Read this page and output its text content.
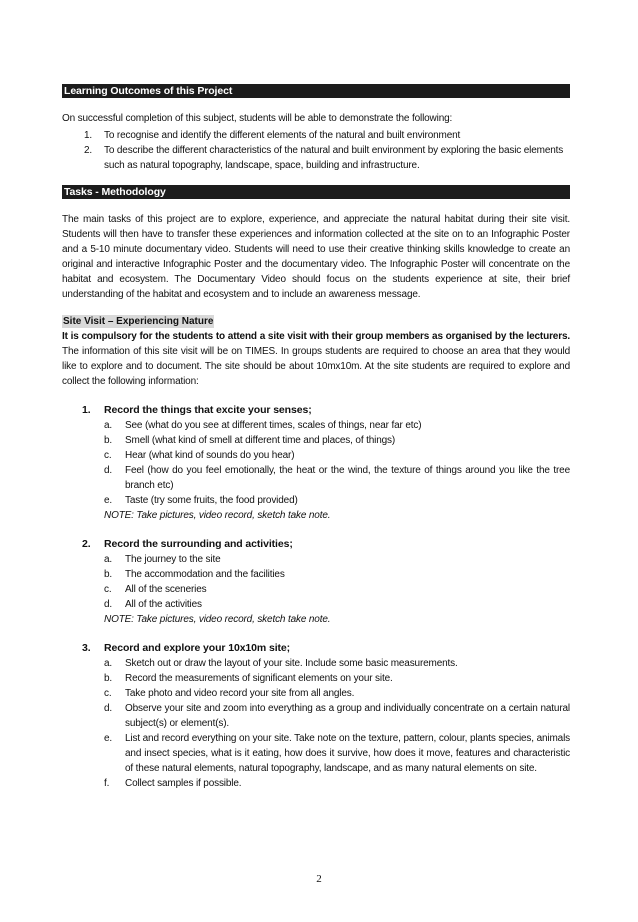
Learning Outcomes of this Project

On successful completion of this subject, students will be able to demonstrate the following:

1. To recognise and identify the different elements of the natural and built environment
2. To describe the different characteristics of the natural and built environment by exploring the basic elements such as natural topography, landscape, space, building and infrastructure.
Tasks - Methodology

The main tasks of this project are to explore, experience, and appreciate the natural habitat during their site visit. Students will then have to transfer these experiences and information collected at the site on to an Infographic Poster and a 5-10 minute documentary video. Students will need to use their creative thinking skills knowledge to create an original and interactive Infographic Poster and the documentary video. The Infographic Poster will concentrate on the habitat and ecosystem. The Documentary Video should focus on the students experience at site, their brief understanding of the habitat and ecosystem and to include an awareness message.

Site Visit – Experiencing Nature

It is compulsory for the students to attend a site visit with their group members as organised by the lecturers. The information of this site visit will be on TIMES. In groups students are required to choose an area that they would like to explore and to document. The site should be about 10mx10m. At the site students are required to explore and collect the following information:

1. Record the things that excite your senses;
a. See (what do you see at different times, scales of things, near far etc)
b. Smell (what kind of smell at different time and places, of things)
c. Hear (what kind of sounds do you hear)
d. Feel (how do you feel emotionally, the heat or the wind, the texture of things around you like the tree branch etc)
e. Taste (try some fruits, the food provided)
NOTE: Take pictures, video record, sketch take note.
2. Record the surrounding and activities;
a. The journey to the site
b. The accommodation and the facilities
c. All of the sceneries
d. All of the activities
NOTE: Take pictures, video record, sketch take note.
3. Record and explore your 10x10m site;
a. Sketch out or draw the layout of your site. Include some basic measurements.
b. Record the measurements of significant elements on your site.
c. Take photo and video record your site from all angles.
d. Observe your site and zoom into everything as a group and individually concentrate on a certain natural subject(s) or element(s).
e. List and record everything on your site. Take note on the texture, pattern, colour, plants species, animals and insect species, what is it eating, how does it survive, how does it move, features and characteristic of these natural elements, natural topography, landscape, and as many natural elements on site.
f. Collect samples if possible.
2
